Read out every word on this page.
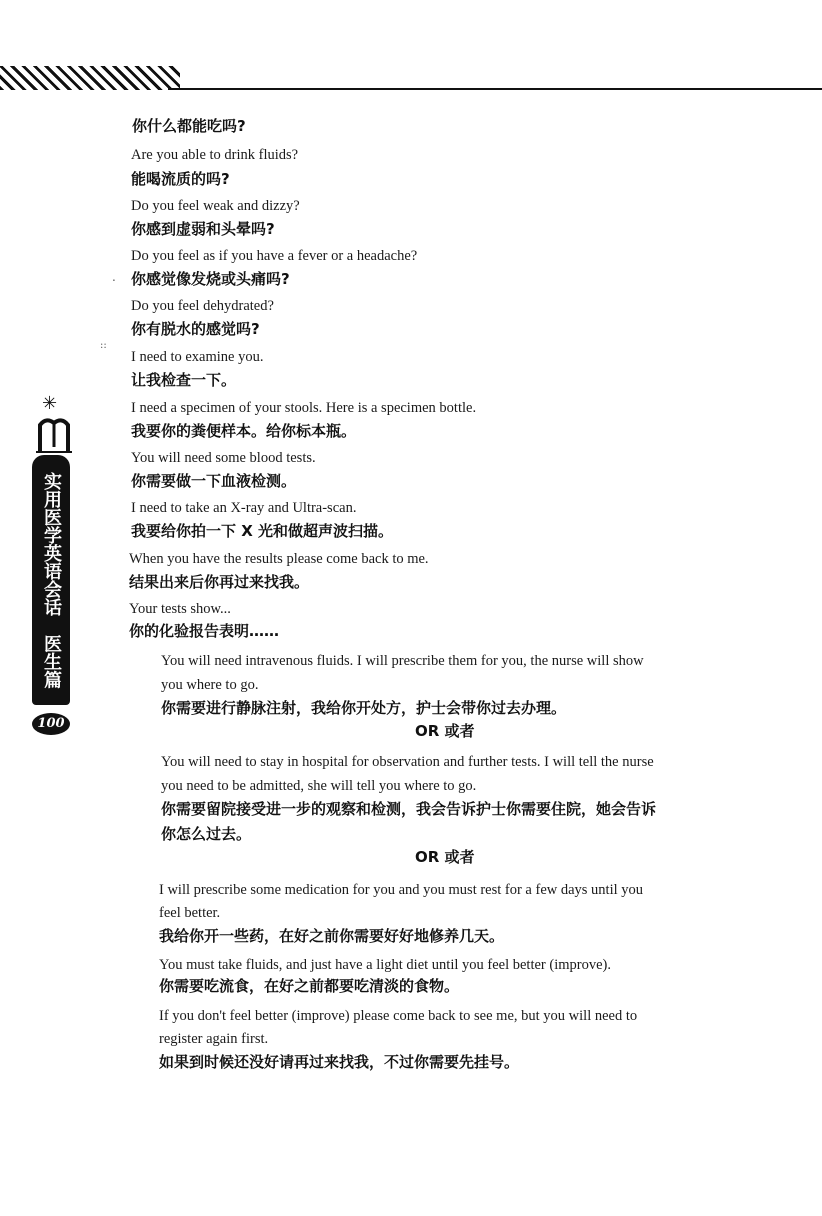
你什么都能吃吗?
Are you able to drink fluids?
能喝流质的吗?
Do you feel weak and dizzy?
你感到虚弱和头晕吗?
Do you feel as if you have a fever or a headache?
你感觉像发烧或头痛吗?
Do you feel dehydrated?
你有脱水的感觉吗?
I need to examine you.
让我检查一下。
I need a specimen of your stools. Here is a specimen bottle.
我要你的粪便样本。给你标本瓶。
You will need some blood tests.
你需要做一下血液检测。
I need to take an X-ray and Ultra-scan.
我要给你拍一下 X 光和做超声波扫描。
When you have the results please come back to me.
结果出来后你再过来找我。
Your tests show...
你的化验报告表明……
You will need intravenous fluids. I will prescribe them for you, the nurse will show
you where to go.
你需要进行静脉注射，我给你开处方，护士会带你过去办理。
OR 或者
You will need to stay in hospital for observation and further tests. I will tell the nurse
you need to be admitted, she will tell you where to go.
你需要留院接受进一步的观察和检测，我会告诉护士你需要住院，她会告诉
你怎么过去。
OR 或者
I will prescribe some medication for you and you must rest for a few days until you
feel better.
我给你开一些药，在好之前你需要好好地修养几天。
You must take fluids, and just have a light diet until you feel better (improve).
你需要吃流食，在好之前都要吃清淡的食物。
If you don't feel better (improve) please come back to see me, but you will need to
register again first.
如果到时候还没好请再过来找我，不过你需要先挂号。
✳
实用医学英语会话   医生篇
100
.
::
